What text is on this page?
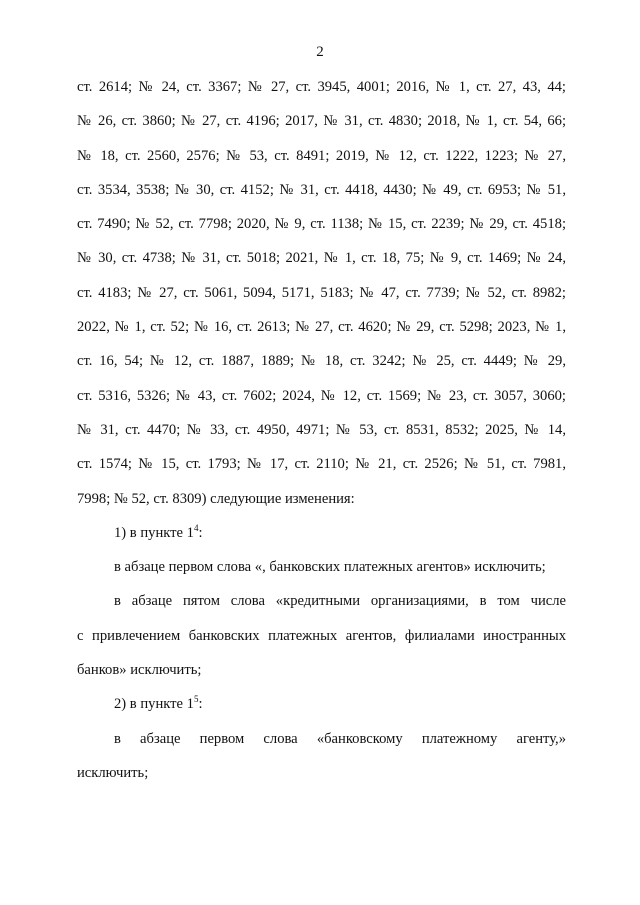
2
ст. 2614; № 24, ст. 3367; № 27, ст. 3945, 4001; 2016, № 1, ст. 27, 43, 44;
№ 26, ст. 3860; № 27, ст. 4196; 2017, № 31, ст. 4830; 2018, № 1, ст. 54, 66;
№ 18, ст. 2560, 2576; № 53, ст. 8491; 2019, № 12, ст. 1222, 1223; № 27,
ст. 3534, 3538; № 30, ст. 4152; № 31, ст. 4418, 4430; № 49, ст. 6953; № 51,
ст. 7490; № 52, ст. 7798; 2020, № 9, ст. 1138; № 15, ст. 2239; № 29, ст. 4518;
№ 30, ст. 4738; № 31, ст. 5018; 2021, № 1, ст. 18, 75; № 9, ст. 1469; № 24,
ст. 4183; № 27, ст. 5061, 5094, 5171, 5183; № 47, ст. 7739; № 52, ст. 8982;
2022, № 1, ст. 52; № 16, ст. 2613; № 27, ст. 4620; № 29, ст. 5298; 2023, № 1,
ст. 16, 54; № 12, ст. 1887, 1889; № 18, ст. 3242; № 25, ст. 4449; № 29,
ст. 5316, 5326; № 43, ст. 7602; 2024, № 12, ст. 1569; № 23, ст. 3057, 3060;
№ 31, ст. 4470; № 33, ст. 4950, 4971; № 53, ст. 8531, 8532; 2025, № 14,
ст. 1574; № 15, ст. 1793; № 17, ст. 2110; № 21, ст. 2526; № 51, ст. 7981,
7998; № 52, ст. 8309) следующие изменения:
1) в пункте $1^4$:
в абзаце первом слова «, банковских платежных агентов» исключить;
в абзаце пятом слова «кредитными организациями, в том числе
с привлечением банковских платежных агентов, филиалами иностранных
банков» исключить;
2) в пункте $1^5$:
в абзаце первом слова «банковскому платежному агенту,»
исключить;
